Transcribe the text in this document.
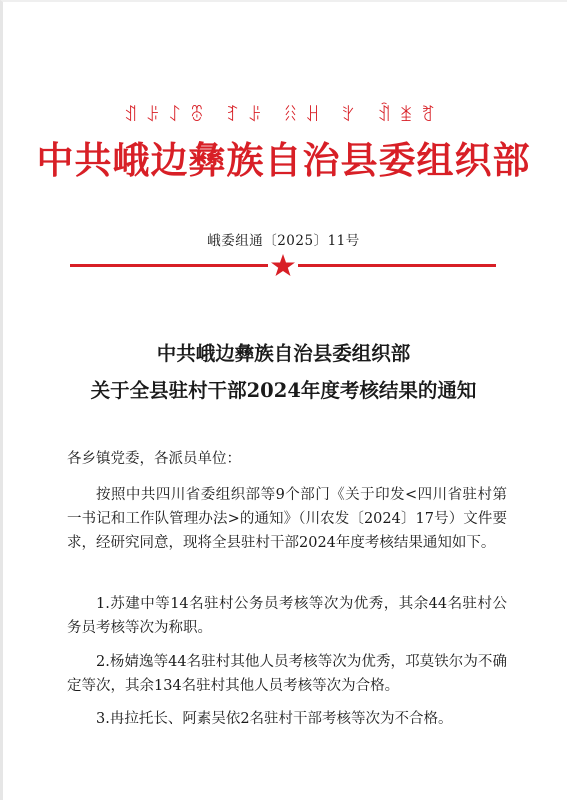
ꀊꌠꋍꁨ ꆈꌠ ꋧꃅ ꇬ ꀉꁧꐛ
中共峨边彝族自治县委组织部
峨委组通〔2025〕11号
中共峨边彝族自治县委组织部
关于全县驻村干部2024年度考核结果的通知
各乡镇党委，各派员单位：
按照中共四川省委组织部等9个部门《关于印发<四川省驻村第一书记和工作队管理办法>的通知》（川农发〔2024〕17号）文件要求，经研究同意，现将全县驻村干部2024年度考核结果通知如下。
1.苏建中等14名驻村公务员考核等次为优秀，其余44名驻村公务员考核等次为称职。
2.杨婧逸等44名驻村其他人员考核等次为优秀，邛莫铁尔为不确定等次，其余134名驻村其他人员考核等次为合格。
3.冉拉托长、阿素吴依2名驻村干部考核等次为不合格。
